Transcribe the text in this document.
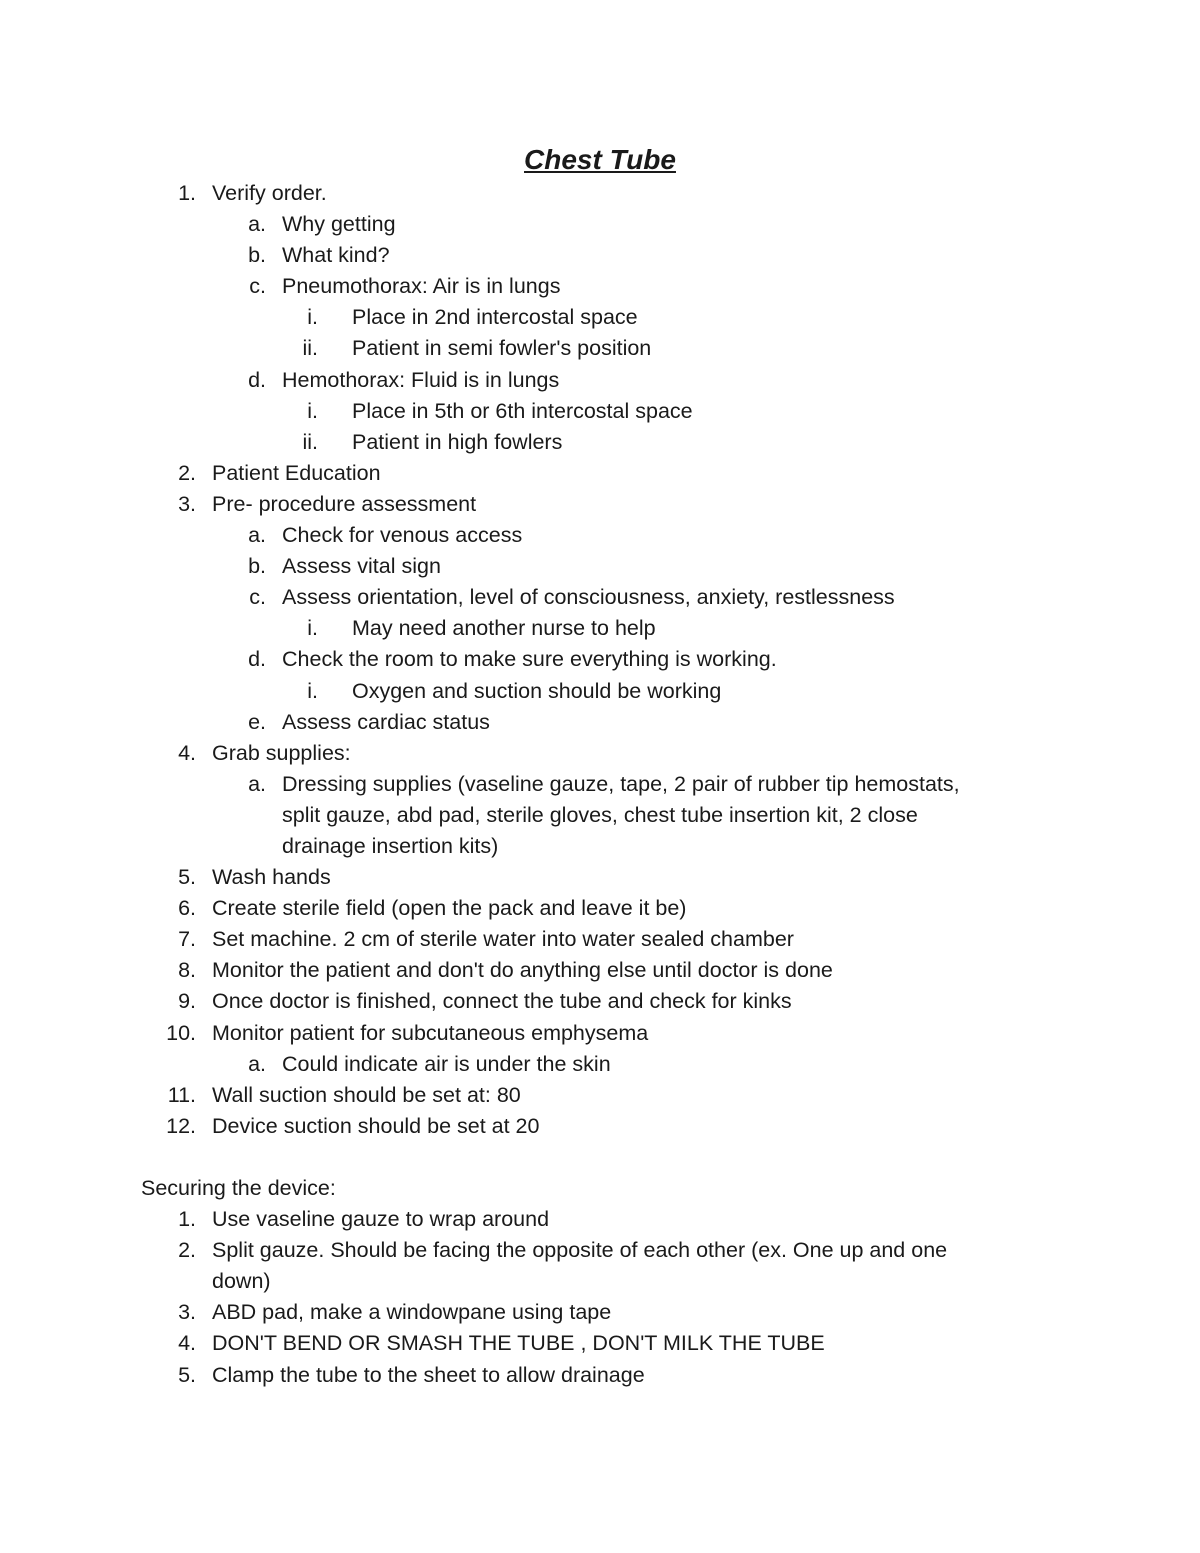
Chest Tube
1. Verify order.
a. Why getting
b. What kind?
c. Pneumothorax: Air is in lungs
i. Place in 2nd intercostal space
ii. Patient in semi fowler's position
d. Hemothorax: Fluid is in lungs
i. Place in 5th or 6th intercostal space
ii. Patient in high fowlers
2. Patient Education
3. Pre- procedure assessment
a. Check for venous access
b. Assess vital sign
c. Assess orientation, level of consciousness, anxiety, restlessness
i. May need another nurse to help
d. Check the room to make sure everything is working.
i. Oxygen and suction should be working
e. Assess cardiac status
4. Grab supplies:
a. Dressing supplies (vaseline gauze, tape, 2 pair of rubber tip hemostats,
split gauze, abd pad, sterile gloves, chest tube insertion kit, 2 close
drainage insertion kits)
5. Wash hands
6. Create sterile field (open the pack and leave it be)
7. Set machine. 2 cm of sterile water into water sealed chamber
8. Monitor the patient and don't do anything else until doctor is done
9. Once doctor is finished, connect the tube and check for kinks
10. Monitor patient for subcutaneous emphysema
a. Could indicate air is under the skin
11. Wall suction should be set at: 80
12. Device suction should be set at 20
Securing the device:
1. Use vaseline gauze to wrap around
2. Split gauze. Should be facing the opposite of each other (ex. One up and one
down)
3. ABD pad, make a windowpane using tape
4. DON'T BEND OR SMASH THE TUBE , DON'T MILK THE TUBE
5. Clamp the tube to the sheet to allow drainage
